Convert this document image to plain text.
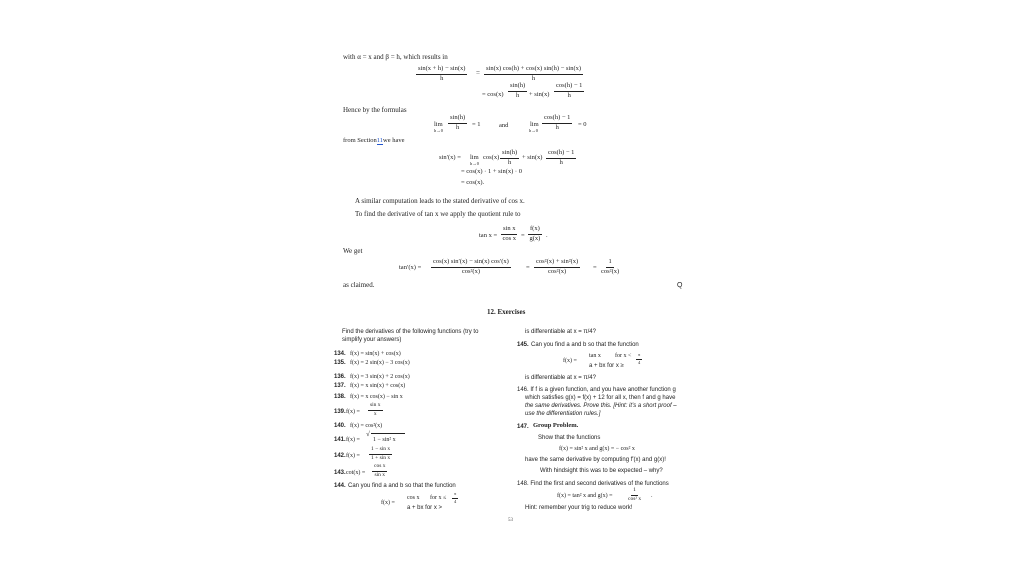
with α = x and β = h, which results in
$\frac{\sin(x + h) - \sin(x)}{h} = \frac{\sin(x) \cos(h) + \cos(x) \sin(h) - \sin(x)}{h}$
= $\cos(x) \frac{\sin(h)}{h} + \sin(x) \frac{\cos(h) - 1}{h}$
Hence by the formulas
lim
$h\to 0 \frac{\sin(h)}{h} = 1$	and	lim
$h\to 0 \frac{\cos(h) - 1}{h} = 0$
from Section11we have
sin′(x) = lim
h→0
$\cos(x) \frac{\sin(h)}{h} + \sin(x) \frac{\cos(h) - 1}{h}$
= cos(x) · 1 + sin(x) · 0
= cos(x).
A similar computation leads to the stated derivative of cos x.
To find the derivative of tan x we apply the quotient rule to
$\tan x = \frac{\text{sin x}}{\text{cos x}} = \frac{f(x)}{g(x)}$ .
We get
$\tan'(x) = \frac{\cos(x) \sin'(x) - \sin(x) \cos'(x)}{\text{cos²(x)}} = \frac{\text{cos²(x) + sin²(x)}}{\text{cos²(x)}} = \frac{1}{\text{cos²(x)}}$
as claimed.	Q
12. Exercises
Find the derivatives of the following functions (try to
simplify your answers)
134. f(x) = sin(x) + cos(x)
135. f(x) = 2 sin(x) − 3 cos(x)
136. f(x) = 3 sin(x) + 2 cos(x)
137. f(x) = x sin(x) + cos(x)
138. f(x) = x cos(x) − sin x
139. $f(x) = \frac{\text{sin x}}{x}$
140. f(x) = cos²(x)
141. f(x) =
√
1 − sin² x
142. $f(x) = \frac{\text{1 − sin x}}{\text{1 + sin x}}$
143. $\cot(x) = \frac{\text{cos x}}{\text{sin x}}$
144. Can you find a and b so that the function
f(x) =
cos x for $x \le \frac{\pi}{4}$
a + bx for x >
is differentiable at x = π/4?
145. Can you find a and b so that the function
f(x) =
tan x for $x < \frac{\pi}{4}$
a + bx for x ≥
is differentiable at x = π/4?
146. If f is a given function, and you have another function g
which satisfies g(x) = f(x) + 12 for all x, then f and g have
the same derivatives. Prove this. [Hint: it’s a short proof –
use the differentiation rules.]
147. Group Problem.
Show that the functions
f(x) = sin² x and g(x) = − cos² x
have the same derivative by computing f′(x) and g(x)!
With hindsight this was to be expected – why?
148. Find the first and second derivatives of the functions
f(x) = tan² x and g(x) =	$\frac{1}{\text{cos² x}}$ .
Hint: remember your trig to reduce work!
53
